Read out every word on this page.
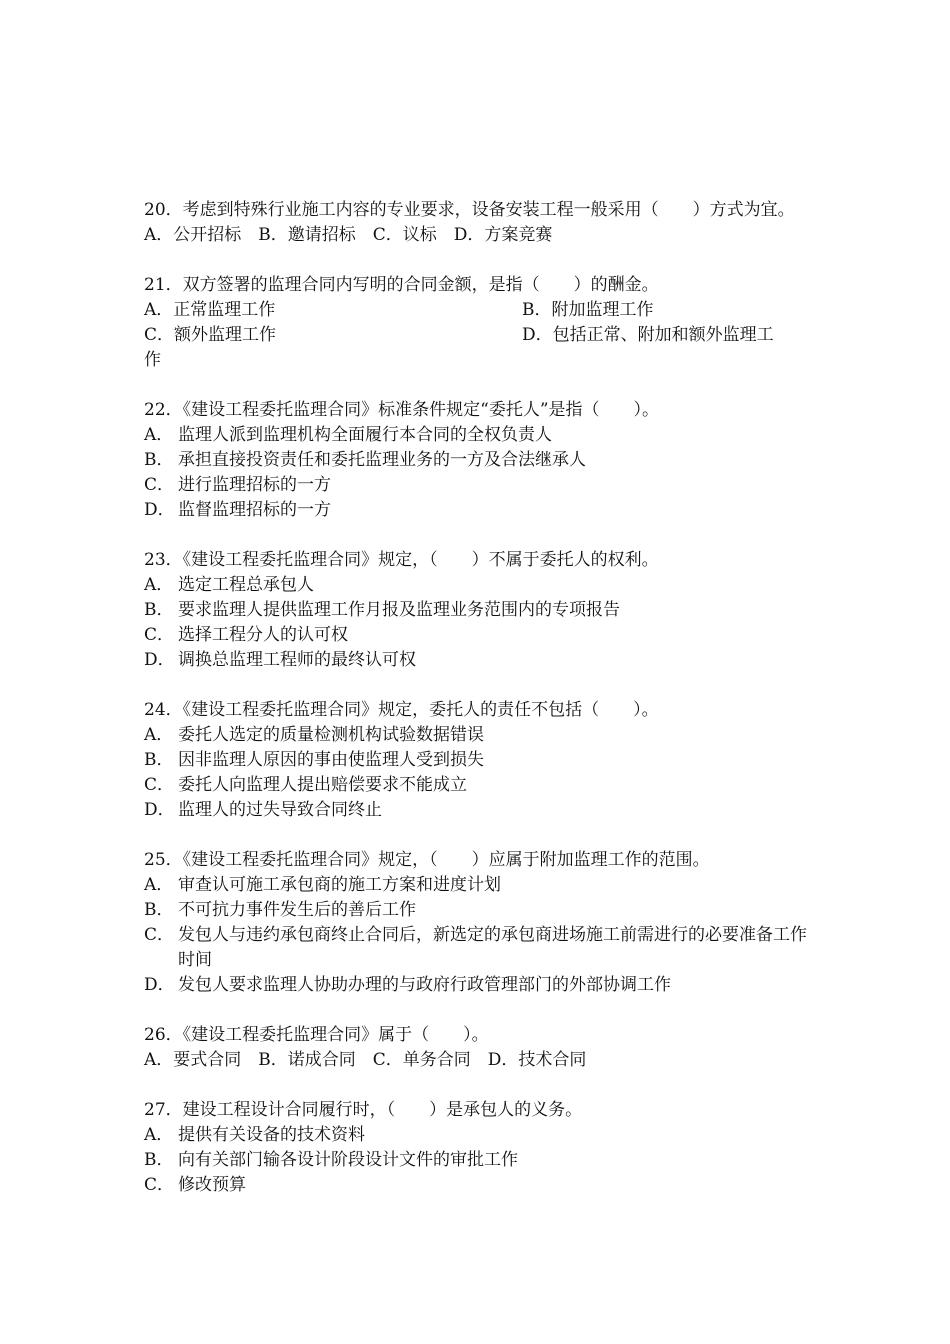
20．考虑到特殊行业施工内容的专业要求，设备安装工程一般采用（　　）方式为宜。
A．公开招标　B．邀请招标　C．议标　D．方案竞赛
21．双方签署的监理合同内写明的合同金额，是指（　　）的酬金。
A．正常监理工作	B．附加监理工作
C．额外监理工作	D．包括正常、附加和额外监理工
作
22．《建设工程委托监理合同》标准条件规定“委托人”是指（　　）。
A． 监理人派到监理机构全面履行本合同的全权负责人
B． 承担直接投资责任和委托监理业务的一方及合法继承人
C． 进行监理招标的一方
D． 监督监理招标的一方
23．《建设工程委托监理合同》规定，（　　）不属于委托人的权利。
A． 选定工程总承包人
B． 要求监理人提供监理工作月报及监理业务范围内的专项报告
C． 选择工程分人的认可权
D． 调换总监理工程师的最终认可权
24．《建设工程委托监理合同》规定，委托人的责任不包括（　　）。
A． 委托人选定的质量检测机构试验数据错误
B． 因非监理人原因的事由使监理人受到损失
C． 委托人向监理人提出赔偿要求不能成立
D． 监理人的过失导致合同终止
25．《建设工程委托监理合同》规定，（　　）应属于附加监理工作的范围。
A． 审查认可施工承包商的施工方案和进度计划
B． 不可抗力事件发生后的善后工作
C． 发包人与违约承包商终止合同后，新选定的承包商进场施工前需进行的必要准备工作时间
D． 发包人要求监理人协助办理的与政府行政管理部门的外部协调工作
26．《建设工程委托监理合同》属于（　　）。
A．要式合同　B．诺成合同　C．单务合同　D．技术合同
27．建设工程设计合同履行时，（　　）是承包人的义务。
A． 提供有关设备的技术资料
B． 向有关部门输各设计阶段设计文件的审批工作
C． 修改预算
